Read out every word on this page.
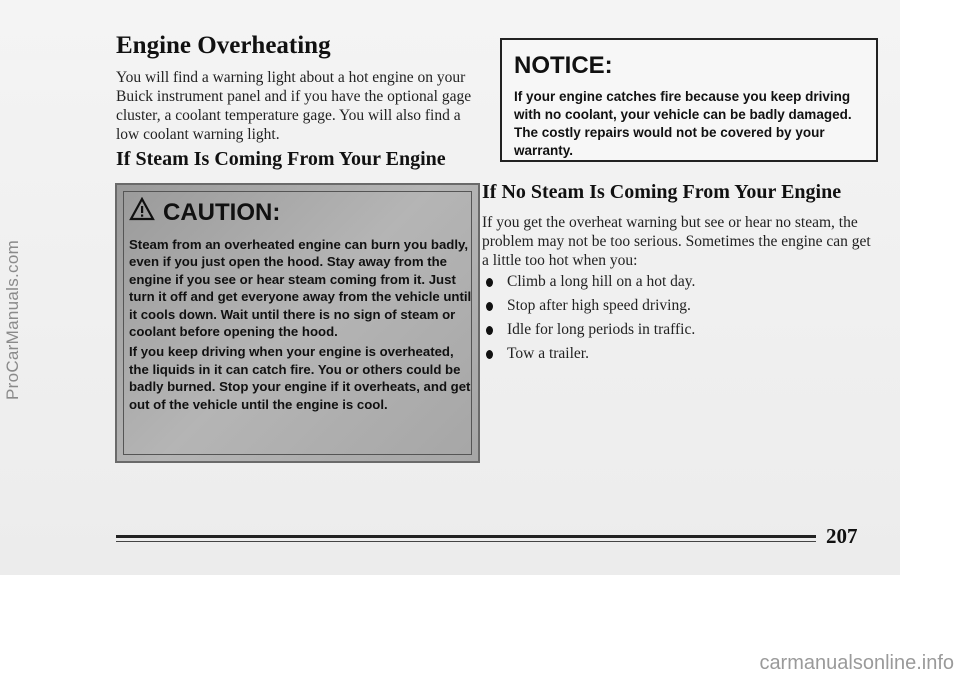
ProCarManuals.com
Engine Overheating

You will find a warning light about a hot engine on your Buick instrument panel and if you have the optional gage cluster, a coolant temperature gage. You will also find a low coolant warning light.

If Steam Is Coming From Your Engine
CAUTION:

Steam from an overheated engine can burn you badly, even if you just open the hood. Stay away from the engine if you see or hear steam coming from it. Just turn it off and get everyone away from the vehicle until it cools down. Wait until there is no sign of steam or coolant before opening the hood.

If you keep driving when your engine is overheated, the liquids in it can catch fire. You or others could be badly burned. Stop your engine if it overheats, and get out of the vehicle until the engine is cool.

NOTICE:
If your engine catches fire because you keep driving with no coolant, your vehicle can be badly damaged. The costly repairs would not be covered by your warranty.
If No Steam Is Coming From Your Engine

If you get the overheat warning but see or hear no steam, the problem may not be too serious. Sometimes the engine can get a little too hot when you:

Climb a long hill on a hot day.
Stop after high speed driving.
Idle for long periods in traffic.
Tow a trailer.
207
carmanualsonline.info
